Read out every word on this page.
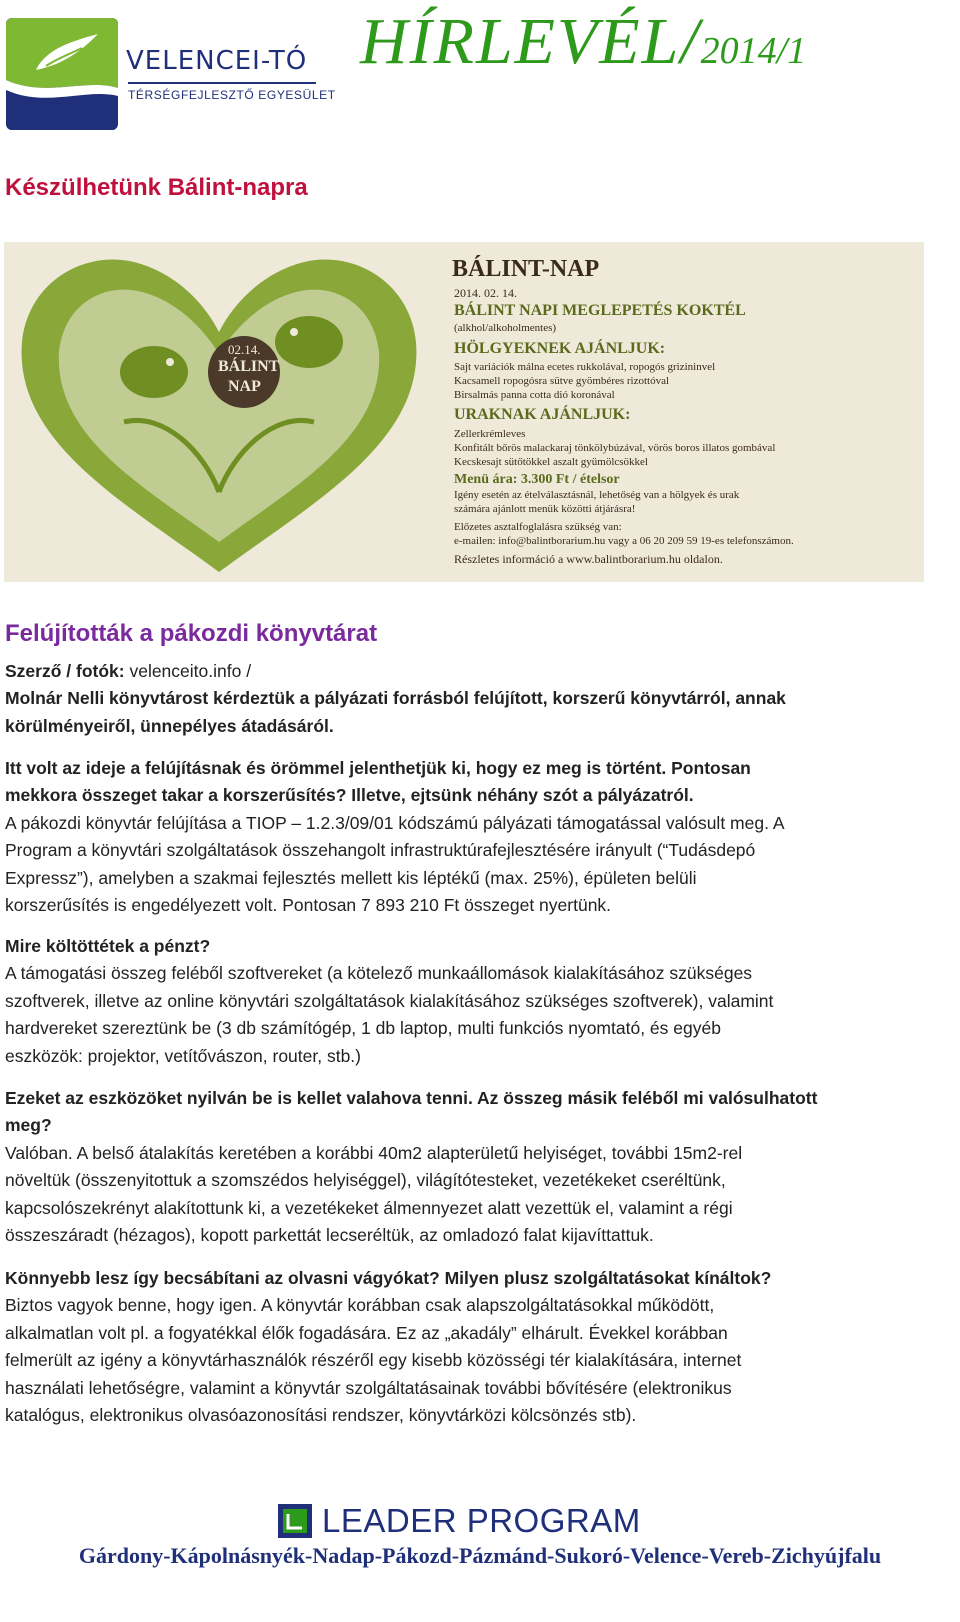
VELENCEI-TÓ
TÉRSÉGFEJLESZTŐ EGYESÜLET
HÍRLEVÉL/2014/1
Készülhetünk Bálint-napra
02.14.
BÁLINT
NAP
BÁLINT-NAP
2014. 02. 14.
BÁLINT NAPI MEGLEPETÉS KOKTÉL
(alkhol/alkoholmentes)
HÖLGYEKNEK AJÁNLJUK:
Sajt variációk málna ecetes rukkolával, ropogós grizininvel
Kacsamell ropogósra sütve gyömbéres rizottóval
Birsalmás panna cotta dió koronával
URAKNAK AJÁNLJUK:
Zellerkrémleves
Konfitált bőrös malackaraj tönkölybúzával, vörös boros illatos gombával
Kecskesajt sütőtökkel aszalt gyümölcsökkel
Menü ára: 3.300 Ft / ételsor
Igény esetén az ételválasztásnál, lehetőség van a hölgyek és urak
számára ajánlott menük közötti átjárásra!
Előzetes asztalfoglalásra szükség van:
e-mailen: info@balintborarium.hu vagy a 06 20 209 59 19-es telefonszámon.
Részletes információ a www.balintborarium.hu oldalon.
Felújították a pákozdi könyvtárat
Szerző / fotók: velenceito.info /
Molnár Nelli könyvtárost kérdeztük a pályázati forrásból felújított, korszerű könyvtárról, annak
körülményeiről, ünnepélyes átadásáról.
Itt volt az ideje a felújításnak és örömmel jelenthetjük ki, hogy ez meg is történt. Pontosan
mekkora összeget takar a korszerűsítés? Illetve, ejtsünk néhány szót a pályázatról.
A pákozdi könyvtár felújítása a TIOP – 1.2.3/09/01 kódszámú pályázati támogatással valósult meg. A
Program a könyvtári szolgáltatások összehangolt infrastruktúrafejlesztésére irányult (“Tudásdepó
Expressz”), amelyben a szakmai fejlesztés mellett kis léptékű (max. 25%), épületen belüli
korszerűsítés is engedélyezett volt. Pontosan 7 893 210 Ft összeget nyertünk.
Mire költöttétek a pénzt?
A támogatási összeg feléből szoftvereket (a kötelező munkaállomások kialakításához szükséges
szoftverek, illetve az online könyvtári szolgáltatások kialakításához szükséges szoftverek), valamint
hardvereket szereztünk be (3 db számítógép, 1 db laptop, multi funkciós nyomtató, és egyéb
eszközök: projektor, vetítővászon, router, stb.)
Ezeket az eszközöket nyilván be is kellet valahova tenni. Az összeg másik feléből mi valósulhatott
meg?
Valóban. A belső átalakítás keretében a korábbi 40m2 alapterületű helyiséget, további 15m2-rel
növeltük (összenyitottuk a szomszédos helyiséggel), világítótesteket, vezetékeket cseréltünk,
kapcsolószekrényt alakítottunk ki, a vezetékeket álmennyezet alatt vezettük el, valamint a régi
összeszáradt (hézagos), kopott parkettát lecseréltük, az omladozó falat kijavíttattuk.
Könnyebb lesz így becsábítani az olvasni vágyókat? Milyen plusz szolgáltatásokat kínáltok?
Biztos vagyok benne, hogy igen. A könyvtár korábban csak alapszolgáltatásokkal működött,
alkalmatlan volt pl. a fogyatékkal élők fogadására. Ez az „akadály” elhárult. Évekkel korábban
felmerült az igény a könyvtárhasználók részéről egy kisebb közösségi tér kialakítására, internet
használati lehetőségre, valamint a könyvtár szolgáltatásainak további bővítésére (elektronikus
katalógus, elektronikus olvasóazonosítási rendszer, könyvtárközi kölcsönzés stb).
LEADER PROGRAM
Gárdony-Kápolnásnyék-Nadap-Pákozd-Pázmánd-Sukoró-Velence-Vereb-Zichyújfalu
